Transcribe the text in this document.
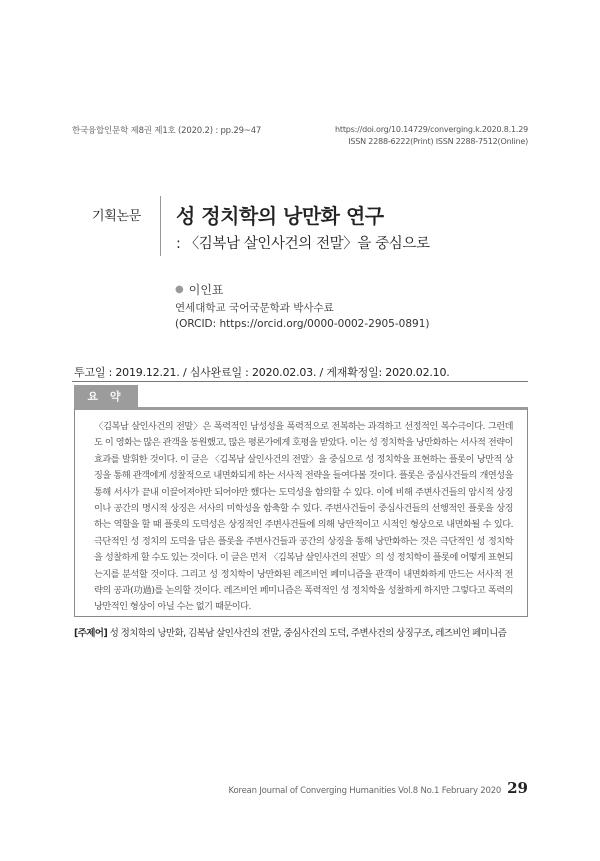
한국융합인문학 제8권 제1호 (2020.2) : pp.29~47	https://doi.org/10.14729/converging.k.2020.8.1.29
ISSN 2288-6222(Print) ISSN 2288-7512(Online)
기획논문 성 정치학의 낭만화 연구
: 〈김복남 살인사건의 전말〉을 중심으로
● 이인표
연세대학교 국어국문학과 박사수료
(ORCID: https://orcid.org/0000-0002-2905-0891)
투고일 : 2019.12.21. / 심사완료일 : 2020.02.03. / 게재확정일: 2020.02.10.
요 약

〈김복남 살인사건의 전말〉은 폭력적인 남성성을 폭력적으로 전복하는 과격하고 선정적인 복수극이다. 그런데도 이 영화는 많은 관객을 동원했고, 많은 평론가에게 호평을 받았다. 이는 성 정치학을 낭만화하는 서사적 전략이 효과를 발휘한 것이다. 이 글은 〈김복남 살인사건의 전말〉을 중심으로 성 정치학을 표현하는 플롯이 낭만적 상징을 통해 관객에게 성찰적으로 내면화되게 하는 서사적 전략을 들여다볼 것이다. 플롯은 중심사건들의 개연성을 통해 서사가 끝내 이끌어져야만 되어야만 했다는 도덕성을 함의할 수 있다. 이에 비해 주변사건들의 암시적 상징이나 공간의 명시적 상징은 서사의 미학성을 함축할 수 있다. 주변사건들이 중심사건들의 선행적인 플롯을 상징하는 역할을 할 때 플롯의 도덕성은 상징적인 주변사건들에 의해 낭만적이고 시적인 형상으로 내면화될 수 있다. 극단적인 성 정치의 도덕을 담은 플롯을 주변사건들과 공간의 상징을 통해 낭만화하는 것은 극단적인 성 정치학을 성찰하게 할 수도 있는 것이다. 이 글은 먼저 〈김복남 살인사건의 전말〉의 성 정치학이 플롯에 어떻게 표현되는지를 분석할 것이다. 그리고 성 정치학이 낭만화된 레즈비언 페미니즘을 관객이 내면화하게 만드는 서사적 전략의 공과(功過)를 논의할 것이다. 레즈비언 페미니즘은 폭력적인 성 정치학을 성찰하게 하지만 그렇다고 폭력의 낭만적인 형상이 아닐 수는 없기 때문이다.

[주제어] 성 정치학의 낭만화, 김복남 살인사건의 전말, 중심사건의 도덕, 주변사건의 상징구조, 레즈비언 페미니즘
Korean Journal of Converging Humanities Vol.8 No.1 February 2020 29
